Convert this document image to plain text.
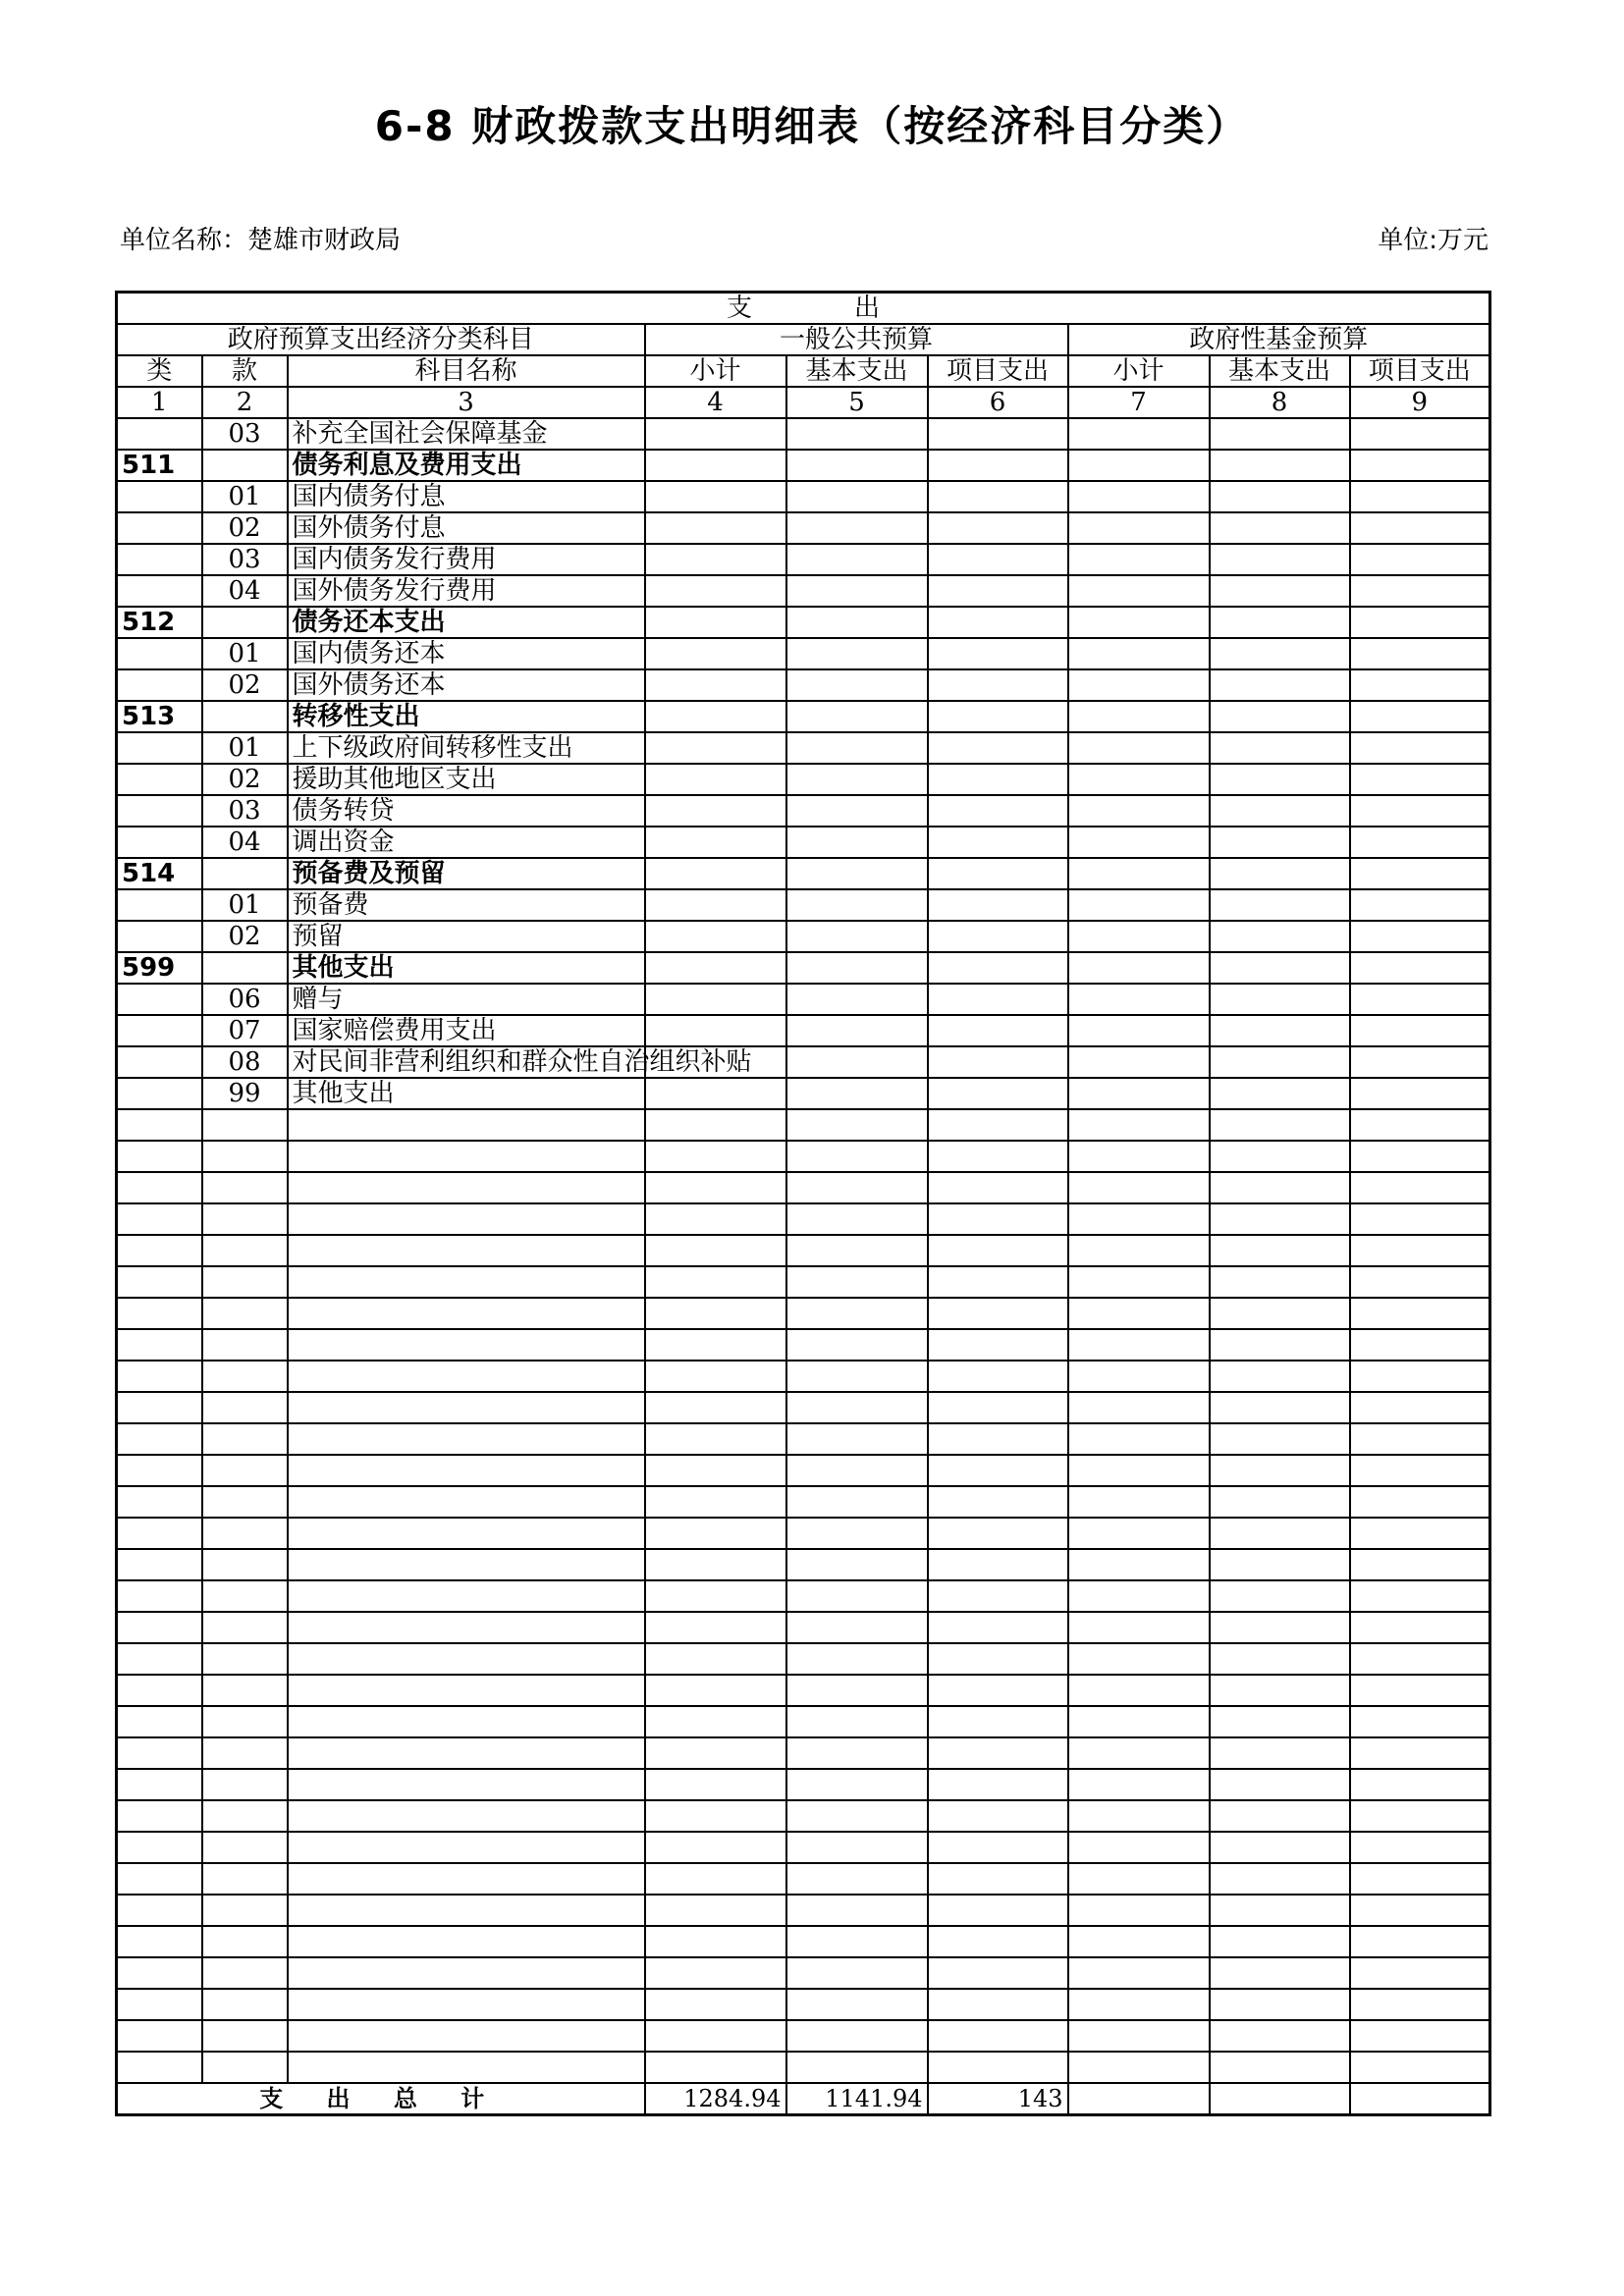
6-8 财政拨款支出明细表（按经济科目分类）
单位名称：楚雄市财政局	单位:万元
支　　　　出								
政府预算支出经济分类科目			一般公共预算			政府性基金预算		
类	款	科目名称	小计	基本支出	项目支出	小计	基本支出	项目支出
1	2	3	4	5	6	7	8	9
	03	补充全国社会保障基金						
511		债务利息及费用支出						
	01	国内债务付息						
	02	国外债务付息						
	03	国内债务发行费用						
	04	国外债务发行费用						
512		债务还本支出						
	01	国内债务还本						
	02	国外债务还本						
513		转移性支出						
	01	上下级政府间转移性支出						
	02	援助其他地区支出						
	03	债务转贷						
	04	调出资金						
514		预备费及预留						
	01	预备费						
	02	预留						
599		其他支出						
	06	赠与						
	07	国家赔偿费用支出						
	08	对民间非营利组织和群众性自治组织补贴						
	99	其他支出						

支 出 总 计			1284.94	1141.94	143			
